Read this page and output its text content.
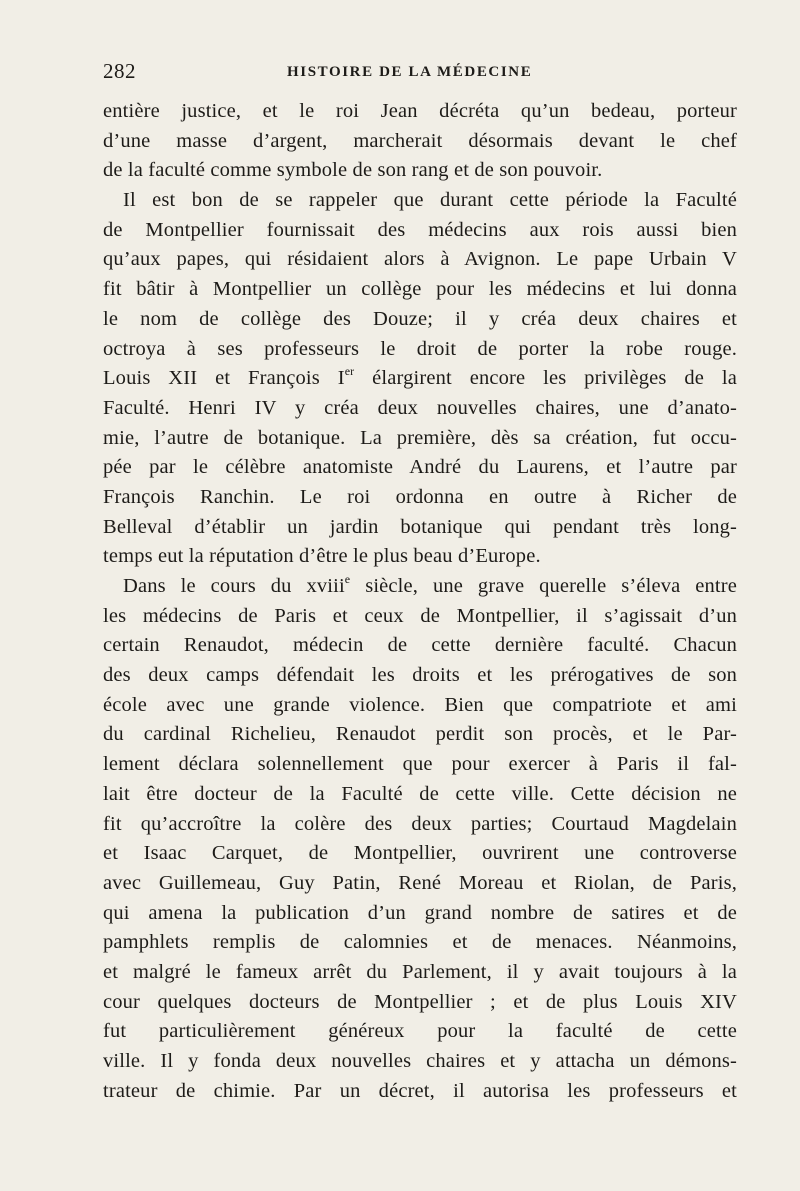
282	HISTOIRE DE LA MÉDECINE
entière justice, et le roi Jean décréta qu’un bedeau, porteur
d’une masse d’argent, marcherait désormais devant le chef
de la faculté comme symbole de son rang et de son pouvoir.
Il est bon de se rappeler que durant cette période la Faculté
de Montpellier fournissait des médecins aux rois aussi bien
qu’aux papes, qui résidaient alors à Avignon. Le pape Urbain V
fit bâtir à Montpellier un collège pour les médecins et lui donna
le nom de collège des Douze; il y créa deux chaires et
octroya à ses professeurs le droit de porter la robe rouge.
Louis XII et François Ier élargirent encore les privilèges de la
Faculté. Henri IV y créa deux nouvelles chaires, une d’anato-
mie, l’autre de botanique. La première, dès sa création, fut occu-
pée par le célèbre anatomiste André du Laurens, et l’autre par
François Ranchin. Le roi ordonna en outre à Richer de
Belleval d’établir un jardin botanique qui pendant très long-
temps eut la réputation d’être le plus beau d’Europe.
Dans le cours du xviii$^e$ siècle, une grave querelle s’éleva entre
les médecins de Paris et ceux de Montpellier, il s’agissait d’un
certain Renaudot, médecin de cette dernière faculté. Chacun
des deux camps défendait les droits et les prérogatives de son
école avec une grande violence. Bien que compatriote et ami
du cardinal Richelieu, Renaudot perdit son procès, et le Par-
lement déclara solennellement que pour exercer à Paris il fal-
lait être docteur de la Faculté de cette ville. Cette décision ne
fit qu’accroître la colère des deux parties; Courtaud Magdelain
et Isaac Carquet, de Montpellier, ouvrirent une controverse
avec Guillemeau, Guy Patin, René Moreau et Riolan, de Paris,
qui amena la publication d’un grand nombre de satires et de
pamphlets remplis de calomnies et de menaces. Néanmoins,
et malgré le fameux arrêt du Parlement, il y avait toujours à la
cour quelques docteurs de Montpellier ; et de plus Louis XIV
fut particulièrement généreux pour la faculté de cette
ville. Il y fonda deux nouvelles chaires et y attacha un démons-
trateur de chimie. Par un décret, il autorisa les professeurs et
